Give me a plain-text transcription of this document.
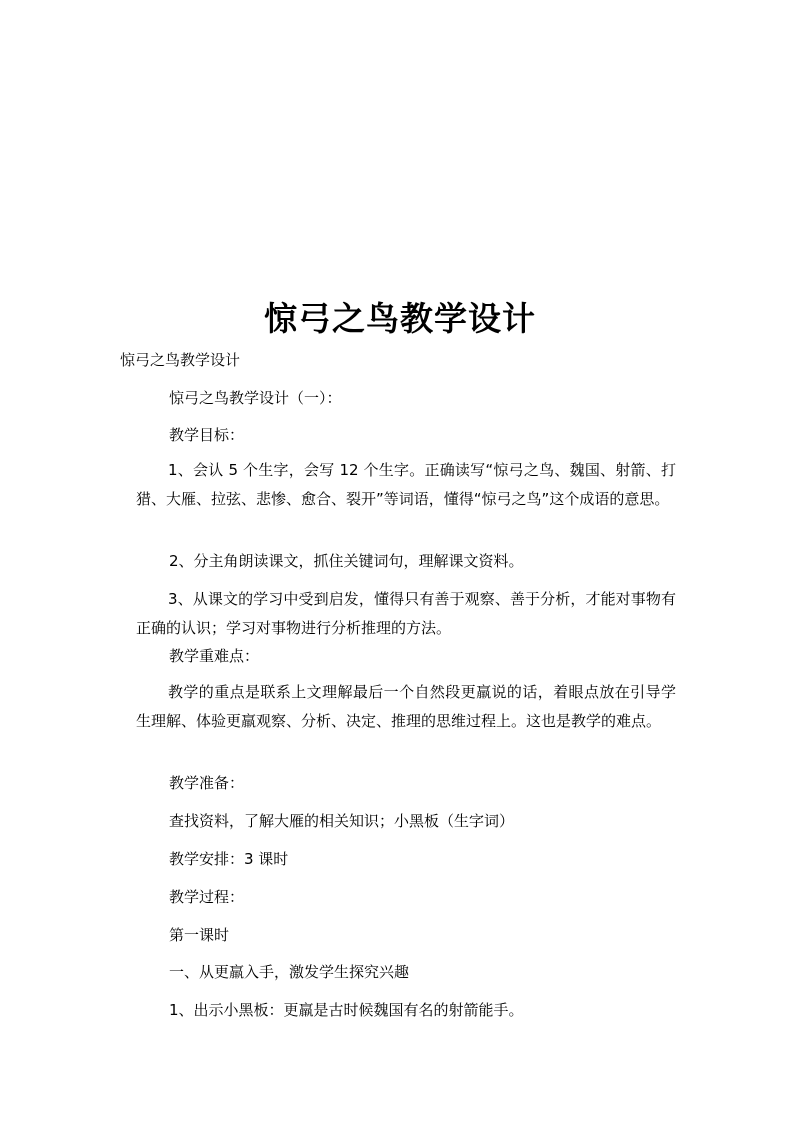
惊弓之鸟教学设计
惊弓之鸟教学设计
惊弓之鸟教学设计（一）：
教学目标：
1、会认 5 个生字，会写 12 个生字。正确读写“惊弓之鸟、魏国、射箭、打猎、大雁、拉弦、悲惨、愈合、裂开”等词语，懂得“惊弓之鸟”这个成语的意思。
2、分主角朗读课文，抓住关键词句，理解课文资料。
3、从课文的学习中受到启发，懂得只有善于观察、善于分析，才能对事物有正确的认识；学习对事物进行分析推理的方法。
教学重难点：
教学的重点是联系上文理解最后一个自然段更羸说的话，着眼点放在引导学生理解、体验更羸观察、分析、决定、推理的思维过程上。这也是教学的难点。
教学准备：
查找资料，了解大雁的相关知识；小黑板（生字词）
教学安排：3 课时
教学过程：
第一课时
一、从更羸入手，激发学生探究兴趣
1、出示小黑板：更羸是古时候魏国有名的射箭能手。
